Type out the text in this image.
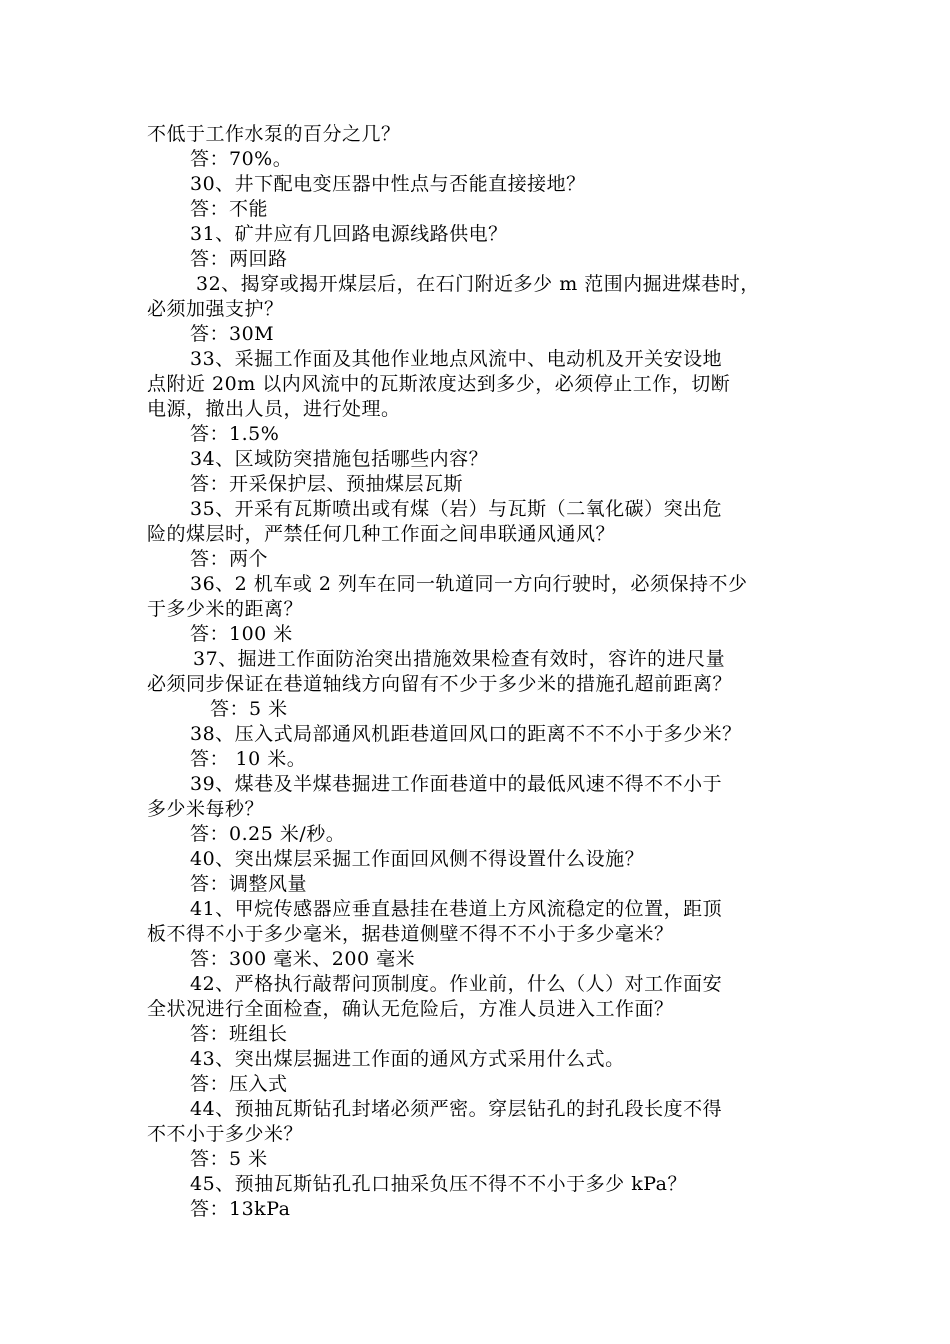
不低于工作水泵的百分之几？
答：70%。
30、井下配电变压器中性点与否能直接接地？
答：不能
31、矿井应有几回路电源线路供电？
答：两回路
32、揭穿或揭开煤层后，在石门附近多少 m 范围内掘进煤巷时，
必须加强支护？
答：30M
33、采掘工作面及其他作业地点风流中、电动机及开关安设地
点附近 20m 以内风流中的瓦斯浓度达到多少，必须停止工作，切断
电源，撤出人员，进行处理。
答：1.5%
34、区域防突措施包括哪些内容？
答：开采保护层、预抽煤层瓦斯
35、开采有瓦斯喷出或有煤（岩）与瓦斯（二氧化碳）突出危
险的煤层时，严禁任何几种工作面之间串联通风通风？
答：两个
36、2 机车或 2 列车在同一轨道同一方向行驶时，必须保持不少
于多少米的距离？
答：100 米
37、掘进工作面防治突出措施效果检查有效时，容许的进尺量
必须同步保证在巷道轴线方向留有不少于多少米的措施孔超前距离？
答：5 米
38、压入式局部通风机距巷道回风口的距离不不不小于多少米？
答： 10 米。
39、煤巷及半煤巷掘进工作面巷道中的最低风速不得不不小于
多少米每秒？
答：0.25 米/秒。
40、突出煤层采掘工作面回风侧不得设置什么设施？
答：调整风量
41、甲烷传感器应垂直悬挂在巷道上方风流稳定的位置，距顶
板不得不小于多少毫米，据巷道侧壁不得不不小于多少毫米？
答：300 毫米、200 毫米
42、严格执行敲帮问顶制度。作业前，什么（人）对工作面安
全状况进行全面检查，确认无危险后，方准人员进入工作面？
答：班组长
43、突出煤层掘进工作面的通风方式采用什么式。
答：压入式
44、预抽瓦斯钻孔封堵必须严密。穿层钻孔的封孔段长度不得
不不小于多少米？
答：5 米
45、预抽瓦斯钻孔孔口抽采负压不得不不小于多少 kPa？
答：13kPa
